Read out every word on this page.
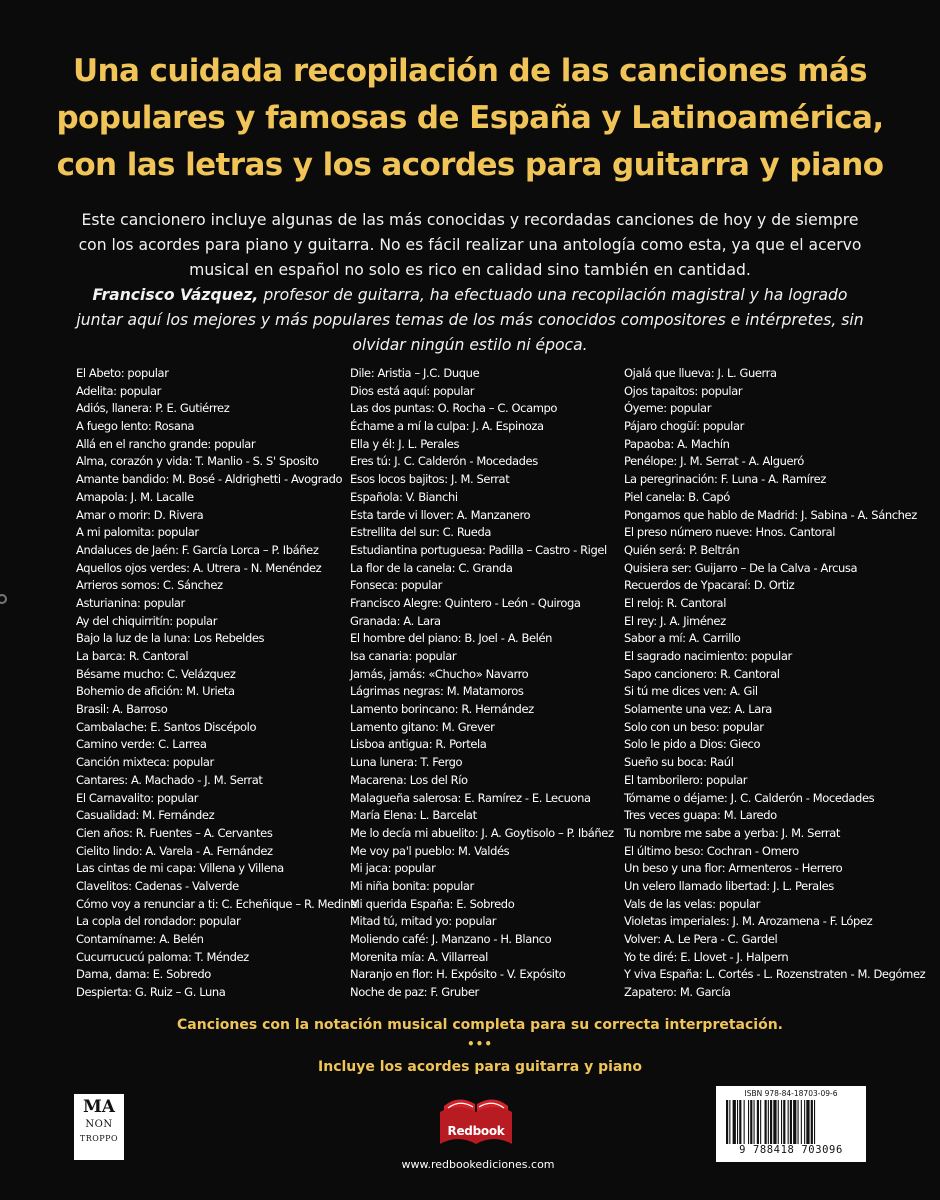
Una cuidada recopilación de las canciones más
populares y famosas de España y Latinoamérica,
con las letras y los acordes para guitarra y piano

Este cancionero incluye algunas de las más conocidas y recordadas canciones de hoy y de siempre con los acordes para piano y guitarra. No es fácil realizar una antología como esta, ya que el acervo musical en español no solo es rico en calidad sino también en cantidad.

Francisco Vázquez, profesor de guitarra, ha efectuado una recopilación magistral y ha logrado juntar aquí los mejores y más populares temas de los más conocidos compositores e intérpretes, sin olvidar ningún estilo ni época.

El Abeto: popular
Adelita: popular
Adiós, llanera: P. E. Gutiérrez
A fuego lento: Rosana
Allá en el rancho grande: popular
Alma, corazón y vida: T. Manlio - S. S' Sposito
Amante bandido: M. Bosé - Aldrighetti - Avogrado
Amapola: J. M. Lacalle
Amar o morir: D. Rivera
A mi palomita: popular
Andaluces de Jaén: F. García Lorca – P. Ibáñez
Aquellos ojos verdes: A. Utrera - N. Menéndez
Arrieros somos: C. Sánchez
Asturianina: popular
Ay del chiquirritín: popular
Bajo la luz de la luna: Los Rebeldes
La barca: R. Cantoral
Bésame mucho: C. Velázquez
Bohemio de afición: M. Urieta
Brasil: A. Barroso
Cambalache: E. Santos Discépolo
Camino verde: C. Larrea
Canción mixteca: popular
Cantares: A. Machado - J. M. Serrat
El Carnavalito: popular
Casualidad: M. Fernández
Cien años: R. Fuentes – A. Cervantes
Cielito lindo: A. Varela - A. Fernández
Las cintas de mi capa: Villena y Villena
Clavelitos: Cadenas - Valverde
Cómo voy a renunciar a ti: C. Echeñique – R. Medina
La copla del rondador: popular
Contamíname: A. Belén
Cucurrucucú paloma: T. Méndez
Dama, dama: E. Sobredo
Despierta: G. Ruiz – G. Luna
Dile: Aristia – J.C. Duque
Dios está aquí: popular
Las dos puntas: O. Rocha – C. Ocampo
Échame a mí la culpa: J. A. Espinoza
Ella y él: J. L. Perales
Eres tú: J. C. Calderón - Mocedades
Esos locos bajitos: J. M. Serrat
Españolа: V. Bianchi
Esta tarde vi llover: A. Manzanero
Estrellita del sur: C. Rueda
Estudiantina portuguesa: Padilla – Castro - Rigel
La flor de la canela: C. Granda
Fonseca: popular
Francisco Alegre: Quintero - León - Quiroga
Granada: A. Lara
El hombre del piano: B. Joel - A. Belén
Isa canaria: popular
Jamás, jamás: «Chucho» Navarro
Lágrimas negras: M. Matamoros
Lamento borincano: R. Hernández
Lamento gitano: M. Grever
Lisboa antigua: R. Portela
Luna lunera: T. Fergo
Macarena: Los del Río
Malagueña salerosa: E. Ramírez - E. Lecuona
María Elena: L. Barcelat
Me lo decía mi abuelito: J. A. Goytisolo – P. Ibáñez
Me voy pa'l pueblo: M. Valdés
Mi jaca: popular
Mi niña bonita: popular
Mi querida España: E. Sobredo
Mitad tú, mitad yo: popular
Moliendo café: J. Manzano - H. Blanco
Morenita mía: A. Villarreal
Naranjo en flor: H. Expósito - V. Expósito
Noche de paz: F. Gruber
Ojalá que llueva: J. L. Guerra
Ojos tapaitos: popular
Óyeme: popular
Pájaro chogüí: popular
Papaoba: A. Machín
Penélope: J. M. Serrat - A. Algueró
La peregrinación: F. Luna - A. Ramírez
Piel canela: B. Capó
Pongamos que hablo de Madrid: J. Sabina - A. Sánchez
El preso número nueve: Hnos. Cantoral
Quién será: P. Beltrán
Quisiera ser: Guijarro – De la Calva - Arcusa
Recuerdos de Ypacaraí: D. Ortiz
El reloj: R. Cantoral
El rey: J. A. Jiménez
Sabor a mí: A. Carrillo
El sagrado nacimiento: popular
Sapo cancionero: R. Cantoral
Si tú me dices ven: A. Gil
Solamente una vez: A. Lara
Solo con un beso: popular
Solo le pido a Dios: Gieco
Sueño su boca: Raúl
El tamborilero: popular
Tómame o déjame: J. C. Calderón - Mocedades
Tres veces guapa: M. Laredo
Tu nombre me sabe a yerba: J. M. Serrat
El último beso: Cochran - Omero
Un beso y una flor: Armenteros - Herrero
Un velero llamado libertad: J. L. Perales
Vals de las velas: popular
Violetas imperiales: J. M. Arozamena - F. López
Volver: A. Le Pera - C. Gardel
Yo te diré: E. Llovet - J. Halpern
Y viva España: L. Cortés - L. Rozenstraten - M. Degómez
Zapatero: M. García
Canciones con la notación musical completa para su correcta interpretación.
•••
Incluye los acordes para guitarra y piano
MA
NON
TROPPO
Redbook
www.redbookediciones.com
ISBN 978-84-18703-09-6
9 788418 703096
